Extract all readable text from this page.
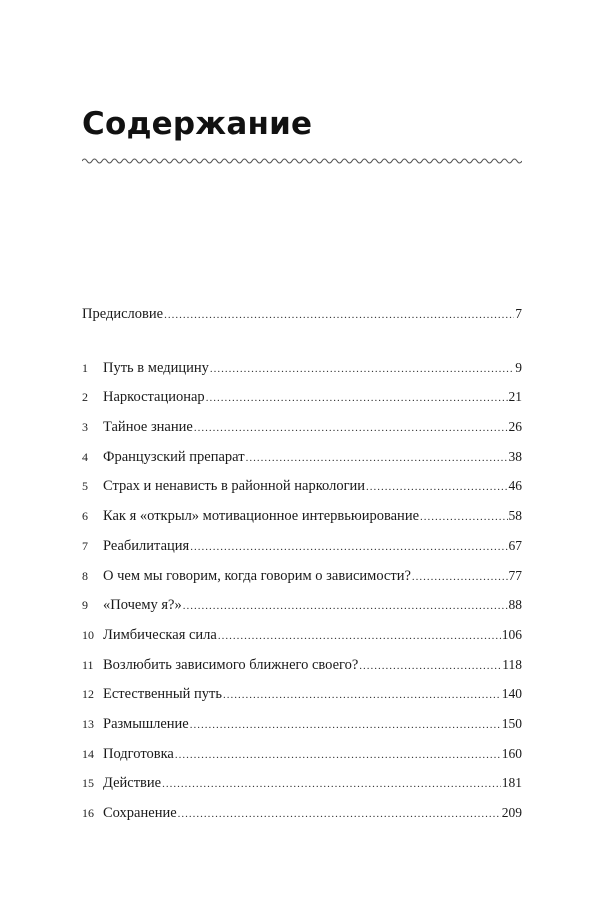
Содержание
Предисловие .....	7
1	Путь в медицину .....	9
2	Наркостационар .....	21
3	Тайное знание .....	26
4	Французский препарат .....	38
5	Страх и ненависть в районной наркологии .....	46
6	Как я «открыл» мотивационное интервьюирование .....	58
7	Реабилитация .....	67
8	О чем мы говорим, когда говорим о зависимости? .....	77
9	«Почему я?» .....	88
10 Лимбическая сила .....	106
11 Возлюбить зависимого ближнего своего? .....	118
12 Естественный путь .....	140
13 Размышление .....	150
14 Подготовка .....	160
15 Действие .....	181
16 Сохранение .....	209
